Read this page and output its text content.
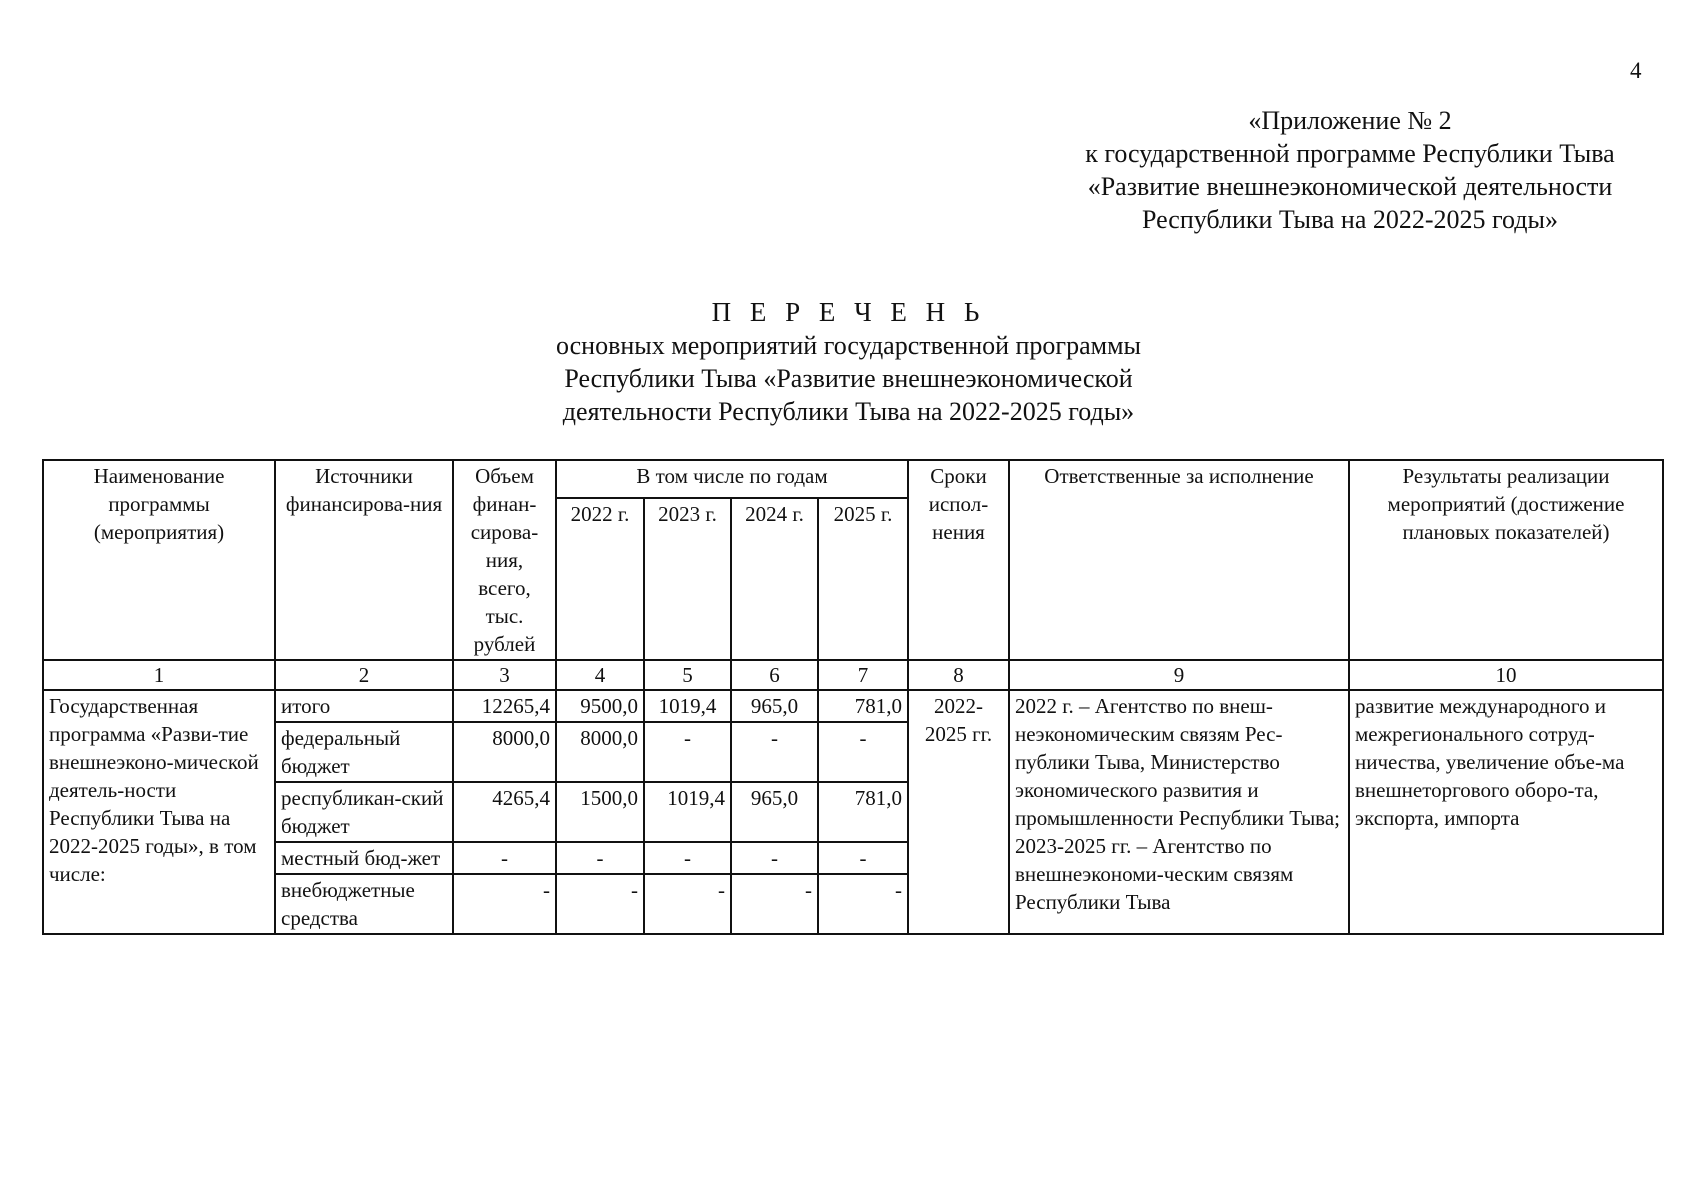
4
«Приложение № 2
к государственной программе Республики Тыва
«Развитие внешнеэкономической деятельности
Республики Тыва на 2022-2025 годы»
П Е Р Е Ч Е Н Ь
основных мероприятий государственной программы
Республики Тыва «Развитие внешнеэкономической
деятельности Республики Тыва на 2022-2025 годы»
Наименование программы (мероприятия)	Источники финансирова-ния	Объем финан-сирова-ния, всего, тыс. рублей	В том числе по годам				Сроки испол-нения	Ответственные за исполнение	Результаты реализации мероприятий (достижение плановых показателей)
			2022 г.	2023 г.	2024 г.	2025 г.			
1	2	3	4	5	6	7	8	9	10
Государственная программа «Разви-тие внешнеэконо-мической деятель-ности Республики Тыва на 2022-2025 годы», в том числе:	итого	12265,4	9500,0	1019,4	965,0	781,0	2022-2025 гг.	2022 г. – Агентство по внеш-неэкономическим связям Рес-публики Тыва, Министерство экономического развития и промышленности Республики Тыва; 2023-2025 гг. – Агентство по внешнеэкономи-ческим связям Республики Тыва	развитие международного и межрегионального сотруд-ничества, увеличение объе-ма внешнеторгового оборо-та, экспорта, импорта
	федеральный бюджет	8000,0	8000,0	-	-	-			
	республикан-ский бюджет	4265,4	1500,0	1019,4	965,0	781,0			
	местный бюд-жет	-	-	-	-	-			
	внебюджетные средства	-	-	-	-	-			
